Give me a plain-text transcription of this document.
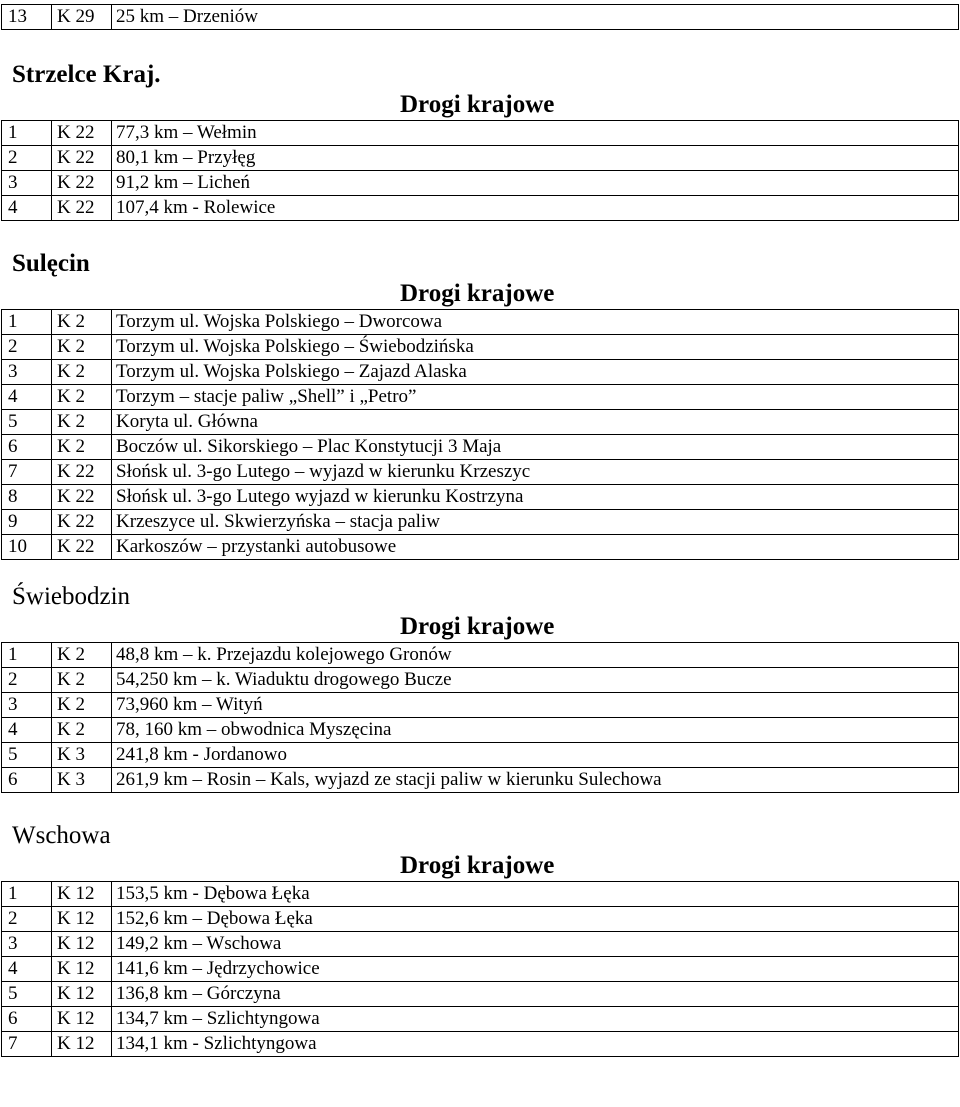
13	K 29	25 km – Drzeniów
Strzelce Kraj.
Drogi krajowe
1	K 22	77,3 km – Wełmin
2	K 22	80,1 km – Przyłęg
3	K 22	91,2 km – Licheń
4	K 22	107,4 km - Rolewice
Sulęcin
Drogi krajowe
1	K 2	Torzym ul. Wojska Polskiego – Dworcowa
2	K 2	Torzym ul. Wojska Polskiego – Świebodzińska
3	K 2	Torzym ul. Wojska Polskiego – Zajazd Alaska
4	K 2	Torzym – stacje paliw „Shell” i „Petro”
5	K 2	Koryta ul. Główna
6	K 2	Boczów ul. Sikorskiego – Plac Konstytucji 3 Maja
7	K 22	Słońsk ul. 3-go Lutego – wyjazd w kierunku Krzeszyc
8	K 22	Słońsk ul. 3-go Lutego wyjazd w kierunku Kostrzyna
9	K 22	Krzeszyce ul. Skwierzyńska – stacja paliw
10	K 22	Karkoszów – przystanki autobusowe
Świebodzin
Drogi krajowe
1	K 2	48,8 km – k. Przejazdu kolejowego Gronów
2	K 2	54,250 km – k. Wiaduktu drogowego Bucze
3	K 2	73,960 km – Wityń
4	K 2	78, 160 km – obwodnica Myszęcina
5	K 3	241,8 km - Jordanowo
6	K 3	261,9 km – Rosin – Kals, wyjazd ze stacji paliw w kierunku Sulechowa
Wschowa
Drogi krajowe
1	K 12	153,5 km - Dębowa Łęka
2	K 12	152,6 km – Dębowa Łęka
3	K 12	149,2 km – Wschowa
4	K 12	141,6 km – Jędrzychowice
5	K 12	136,8 km – Górczyna
6	K 12	134,7 km – Szlichtyngowa
7	K 12	134,1 km - Szlichtyngowa
